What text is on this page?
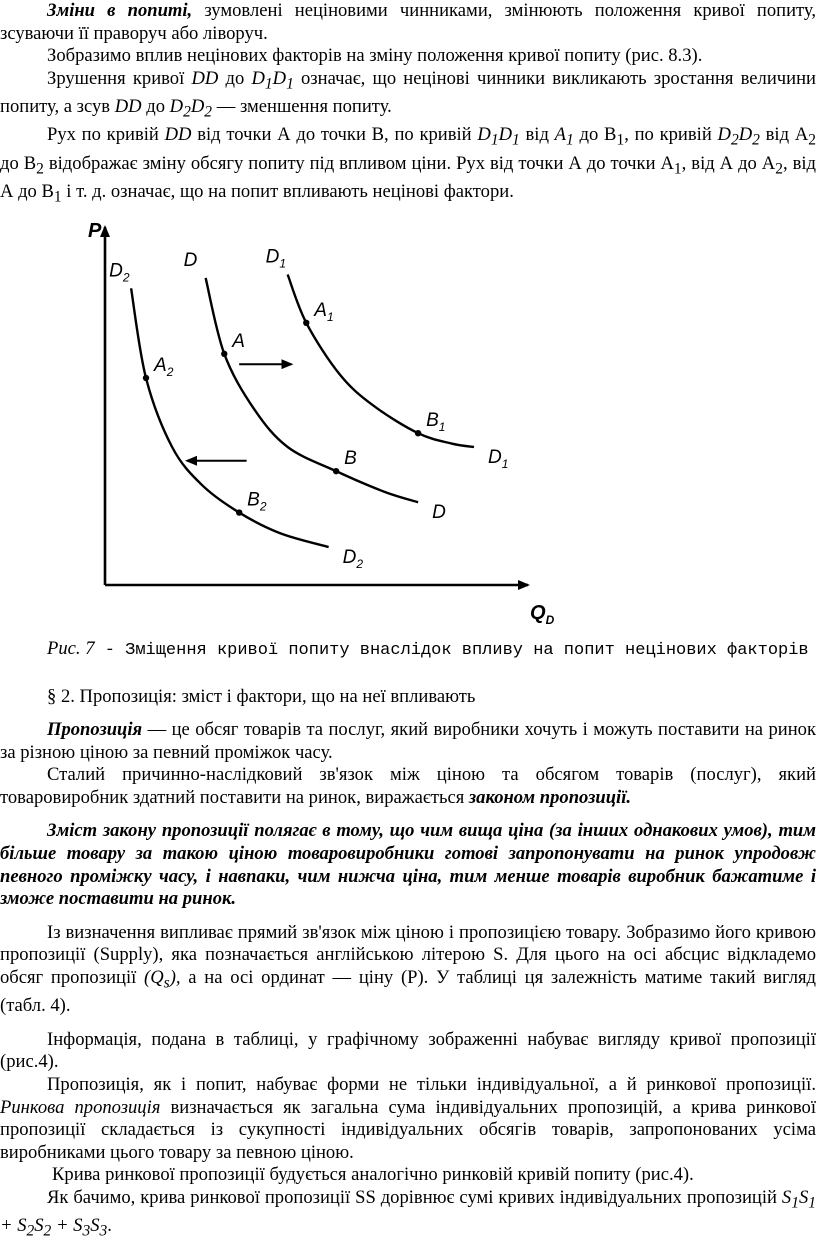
Зміни в попиті, зумовлені неціновими чинниками, змінюють положення кривої попиту, зсуваючи її праворуч або ліворуч.

Зобразимо вплив нецінових факторів на зміну положення кривої попиту (рис. 8.3).

Зрушення кривої DD до $D_1D_1$ означає, що нецінові чинники викликають зростання величини попиту, а зсув DD до $D_2D_2$ — зменшення попиту.

Рух по кривій DD від точки А до точки В, по кривій $D_1D_1$ від $A_1$ до $В_1$, по кривій $D_2D_2$ від $А_2$ до $В_2$ відображає зміну обсягу попиту під впливом ціни. Рух від точки А до точки $А_1$, від А до $А_2$, від А до $В_1$ і т. д. означає, що на попит впливають нецінові фактори.

P
$Q_D$
$D_2$
$D_2$
$A_2$
$B_2$
D
D
A
B
$D_1$
$D_1$
$A_1$
$B_1$

Рис. 7 - Зміщення кривої попиту внаслідок впливу на попит нецінових факторів

§ 2. Пропозиція: зміст і фактори, що на неї впливають

Пропозиція — це обсяг товарів та послуг, який виробники хочуть і можуть поставити на ринок за різною ціною за певний проміжок часу.

Сталий причинно-наслідковий зв'язок між ціною та обсягом товарів (послуг), який товаровиробник здатний поставити на ринок, виражається законом пропозиції.

Зміст закону пропозиції полягає в тому, що чим вища ціна (за інших однакових умов), тим більше товару за такою ціною товаровиробники готові запропонувати на ринок упродовж певного проміжку часу, і навпаки, чим нижча ціна, тим менше товарів виробник бажатиме і зможе поставити на ринок.

Із визначення випливає прямий зв'язок між ціною і пропозицією товару. Зобразимо його кривою пропозиції (Supply), яка позначається англійською літерою S. Для цього на осі абсцис відкладемо обсяг пропозиції $(Q_s)$, а на осі ординат — ціну (Р). У таблиці ця залежність матиме такий вигляд (табл. 4).

Інформація, подана в таблиці, у графічному зображенні набуває вигляду кривої пропозиції (рис.4).

Пропозиція, як і попит, набуває форми не тільки індивідуальної, а й ринкової пропозиції. Ринкова пропозиція визначається як загальна сума індивідуальних пропозицій, а крива ринкової пропозиції складається із сукупності індивідуальних обсягів товарів, запропонованих усіма виробниками цього товару за певною ціною.

Крива ринкової пропозиції будується аналогічно ринковій кривій попиту (рис.4).

Як бачимо, крива ринкової пропозиції SS дорівнює сумі кривих індивідуальних пропозицій $S_1S_1 + S_2S_2 + S_3S_3$.
